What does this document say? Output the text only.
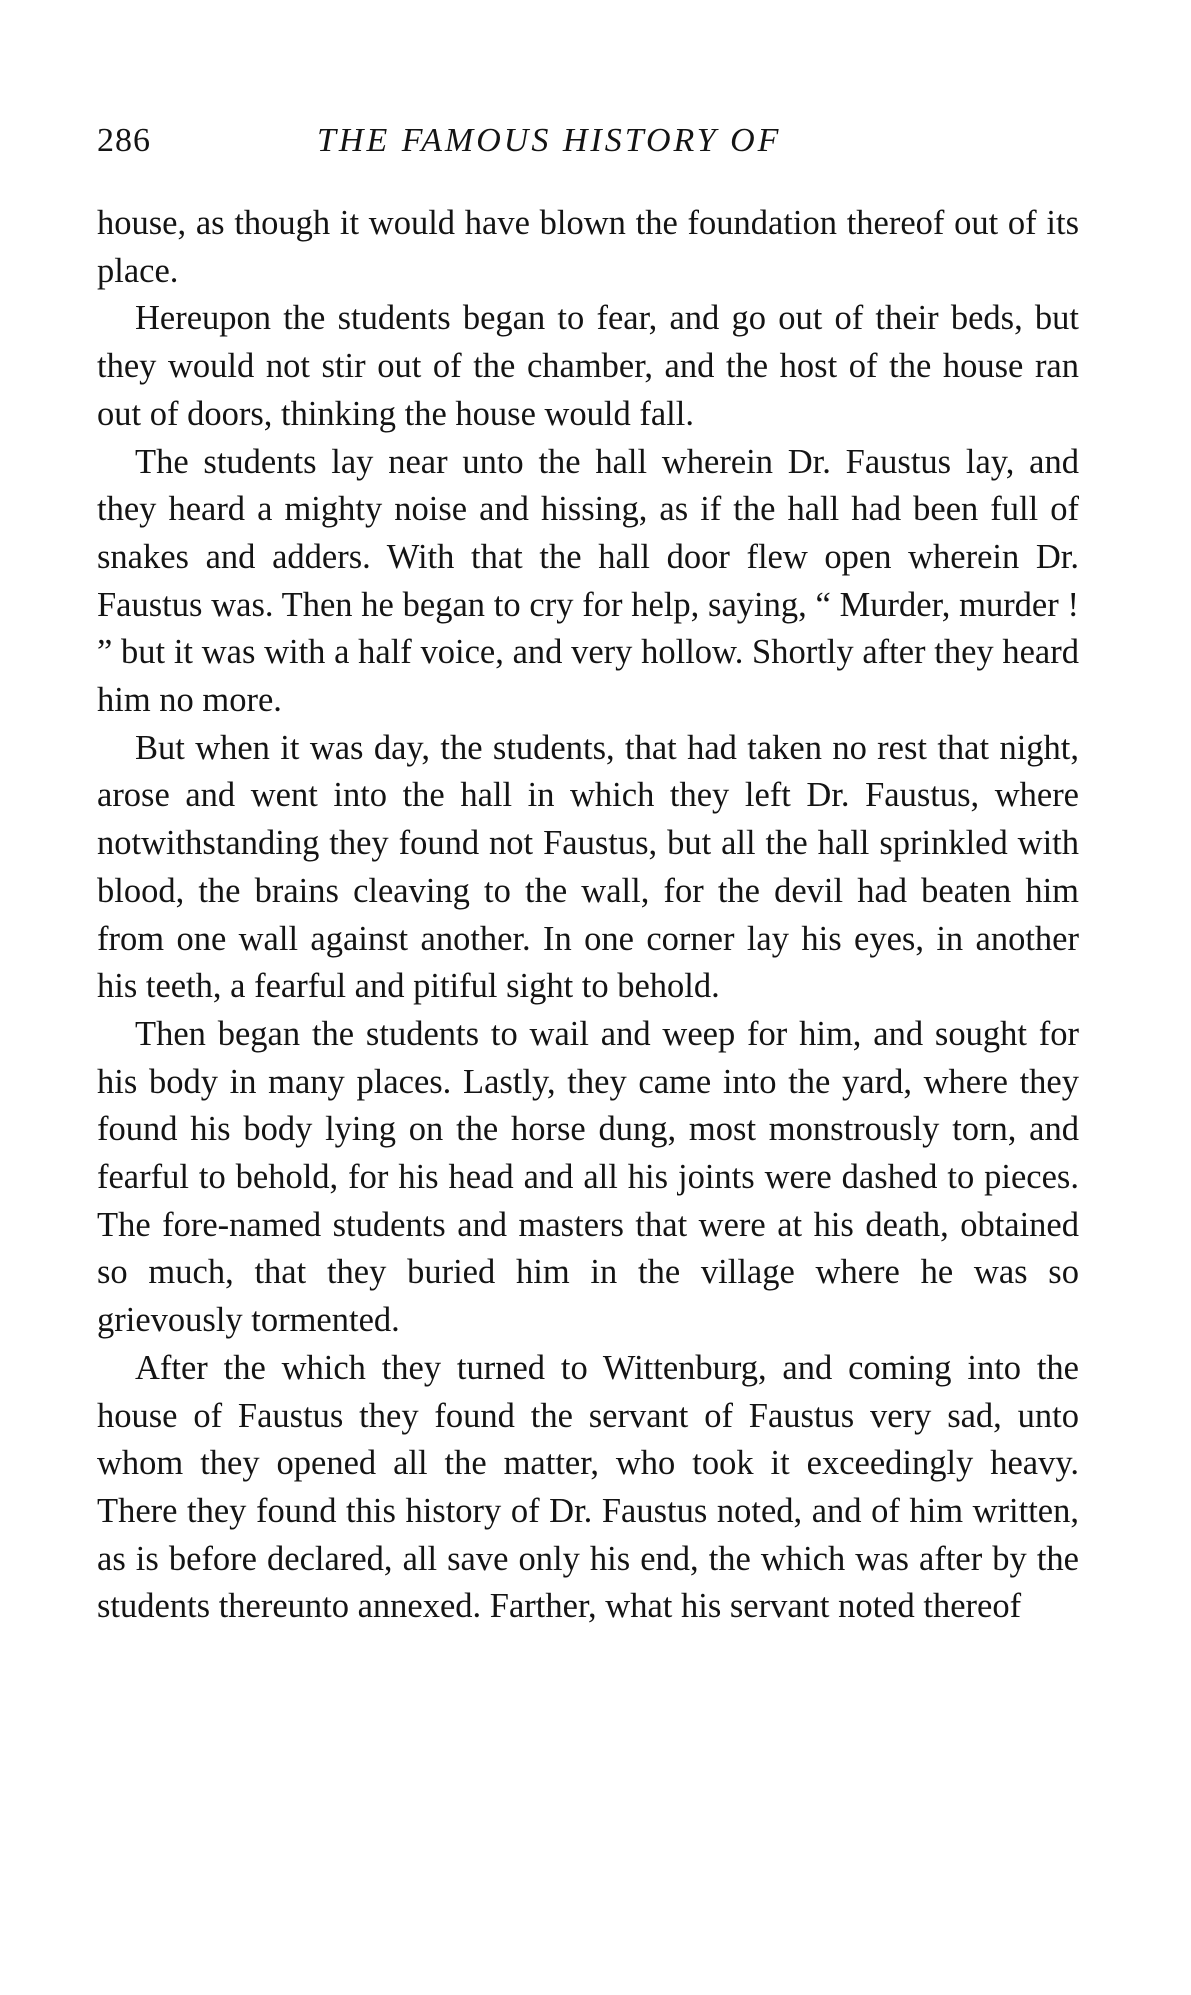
286	THE FAMOUS HISTORY OF

house, as though it would have blown the foundation thereof out of its place.

Hereupon the students began to fear, and go out of their beds, but they would not stir out of the chamber, and the host of the house ran out of doors, thinking the house would fall.

The students lay near unto the hall wherein Dr. Faustus lay, and they heard a mighty noise and hissing, as if the hall had been full of snakes and adders. With that the hall door flew open wherein Dr. Faustus was. Then he began to cry for help, saying, “ Murder, murder ! ” but it was with a half voice, and very hollow. Shortly after they heard him no more.

But when it was day, the students, that had taken no rest that night, arose and went into the hall in which they left Dr. Faustus, where notwithstanding they found not Faustus, but all the hall sprinkled with blood, the brains cleaving to the wall, for the devil had beaten him from one wall against another. In one corner lay his eyes, in another his teeth, a fearful and pitiful sight to behold.

Then began the students to wail and weep for him, and sought for his body in many places. Lastly, they came into the yard, where they found his body lying on the horse dung, most monstrously torn, and fearful to behold, for his head and all his joints were dashed to pieces. The fore-named students and masters that were at his death, obtained so much, that they buried him in the village where he was so grievously tormented.

After the which they turned to Wittenburg, and coming into the house of Faustus they found the servant of Faustus very sad, unto whom they opened all the matter, who took it exceedingly heavy. There they found this history of Dr. Faustus noted, and of him written, as is before declared, all save only his end, the which was after by the students thereunto annexed. Farther, what his servant noted thereof
